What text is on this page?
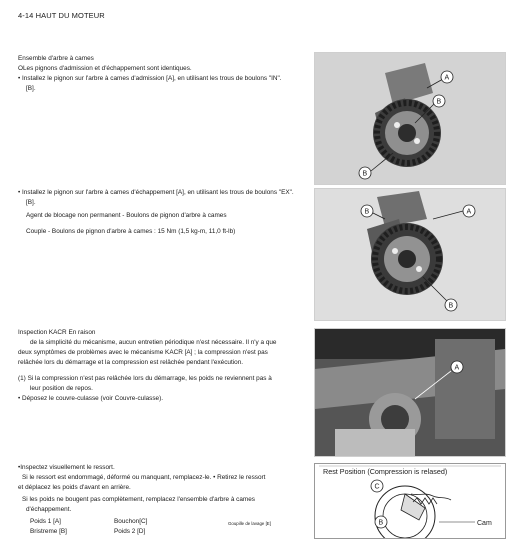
4-14 HAUT DU MOTEUR
Ensemble d'arbre à cames
OLes pignons d'admission et d'échappement sont identiques.
• Installez le pignon sur l'arbre à cames d'admission [A], en utilisant les trous de boulons "IN".
[B].
A
B
B
• Installez le pignon sur l'arbre à cames d'échappement [A], en utilisant les trous de boulons "EX".
[B].
Agent de blocage non permanent - Boulons de pignon d'arbre à cames
Couple - Boulons de pignon d'arbre à cames : 15 Nm (1,5 kg-m, 11,0 ft-lb)
B	A
B
Inspection KACR En raison
de la simplicité du mécanisme, aucun entretien périodique n'est nécessaire. Il n'y a que
deux symptômes de problèmes avec le mécanisme KACR [A] ; la compression n'est pas
relâchée lors du démarrage et la compression est relâchée pendant l'exécution.
(1) Si la compression n'est pas relâchée lors du démarrage, les poids ne reviennent pas à
leur position de repos.
• Déposez le couvre-culasse (voir Couvre-culasse).
A
•Inspectez visuellement le ressort.
Si le ressort est endommagé, déformé ou manquant, remplacez-le. • Retirez le ressort
et déplacez les poids d'avant en arrière.
Si les poids ne bougent pas complètement, remplacez l'ensemble d'arbre à cames
d'échappement.
Poids 1 [A]	Bouchon[C]	Goupille de lavage [E]
Bristreme [B]	Poids 2 [D]
Rest Position (Compression is relased)
C
B	Cam
